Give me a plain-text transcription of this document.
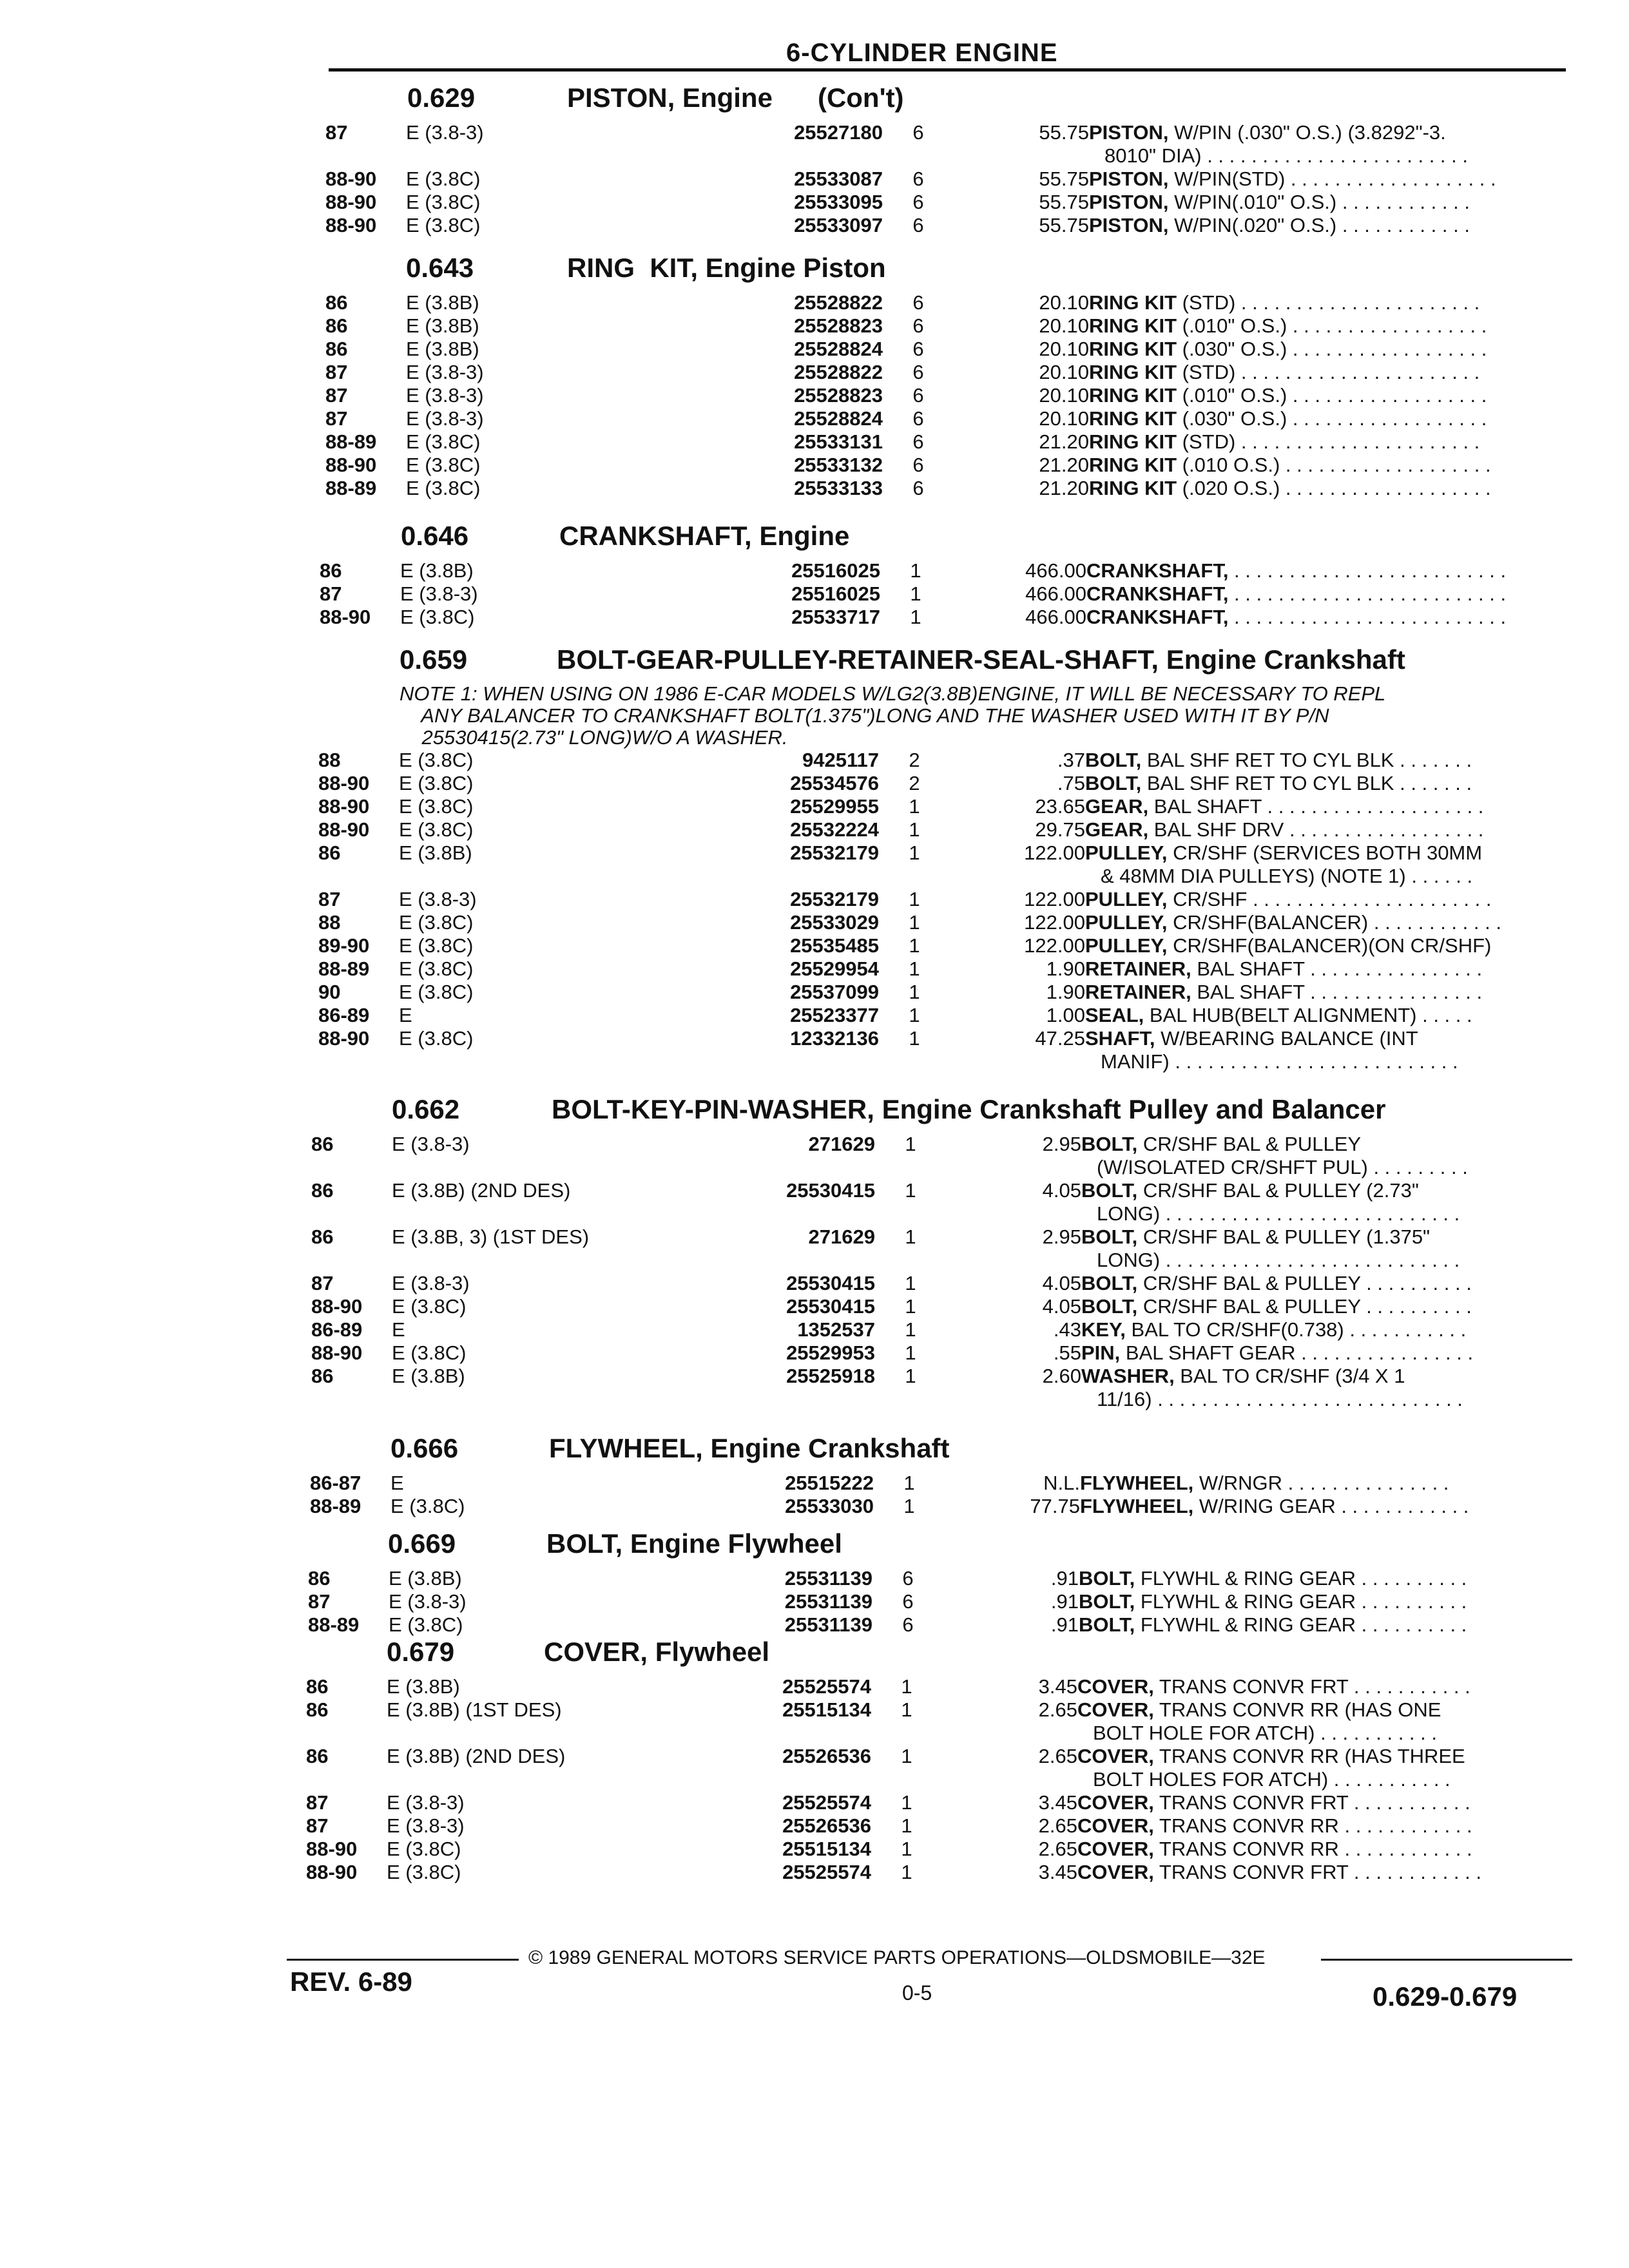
6-CYLINDER ENGINE
0.629	PISTON, Engine      (Con't)
87	E (3.8-3)	25527180 6	55.75 PISTON, W/PIN (.030" O.S.) (3.8292"-3.
8010" DIA) . . . . . . . . . . . . . . . . . . . . . . . .
88-90 E (3.8C)	25533087 6	55.75 PISTON, W/PIN(STD) . . . . . . . . . . . . . . . . . . .
88-90 E (3.8C)	25533095 6	55.75 PISTON, W/PIN(.010" O.S.) . . . . . . . . . . . .
88-90 E (3.8C)	25533097 6	55.75 PISTON, W/PIN(.020" O.S.) . . . . . . . . . . . .
0.643	RING  KIT, Engine Piston
86	E (3.8B)	25528822 6	20.10 RING KIT (STD) . . . . . . . . . . . . . . . . . . . . . .
86	E (3.8B)	25528823 6	20.10 RING KIT (.010" O.S.) . . . . . . . . . . . . . . . . . .
86	E (3.8B)	25528824 6	20.10 RING KIT (.030" O.S.) . . . . . . . . . . . . . . . . . .
87	E (3.8-3)	25528822 6	20.10 RING KIT (STD) . . . . . . . . . . . . . . . . . . . . . .
87	E (3.8-3)	25528823 6	20.10 RING KIT (.010" O.S.) . . . . . . . . . . . . . . . . . .
87	E (3.8-3)	25528824 6	20.10 RING KIT (.030" O.S.) . . . . . . . . . . . . . . . . . .
88-89 E (3.8C)	25533131 6	21.20 RING KIT (STD) . . . . . . . . . . . . . . . . . . . . . .
88-90 E (3.8C)	25533132 6	21.20 RING KIT (.010 O.S.) . . . . . . . . . . . . . . . . . . .
88-89 E (3.8C)	25533133 6	21.20 RING KIT (.020 O.S.) . . . . . . . . . . . . . . . . . . .
0.646	CRANKSHAFT, Engine
86	E (3.8B)	25516025 1	466.00 CRANKSHAFT, . . . . . . . . . . . . . . . . . . . . . . . . .
87	E (3.8-3)	25516025 1	466.00 CRANKSHAFT, . . . . . . . . . . . . . . . . . . . . . . . . .
88-90 E (3.8C)	25533717 1	466.00 CRANKSHAFT, . . . . . . . . . . . . . . . . . . . . . . . . .
0.659	BOLT-GEAR-PULLEY-RETAINER-SEAL-SHAFT, Engine Crankshaft
NOTE 1: WHEN USING ON 1986 E-CAR MODELS W/LG2(3.8B)ENGINE, IT WILL BE NECESSARY TO REPL
ANY BALANCER TO CRANKSHAFT BOLT(1.375")LONG AND THE WASHER USED WITH IT BY P/N
25530415(2.73" LONG)W/O A WASHER.
88	E (3.8C)	9425117 2	.37 BOLT, BAL SHF RET TO CYL BLK . . . . . . .
88-90 E (3.8C)	25534576 2	.75 BOLT, BAL SHF RET TO CYL BLK . . . . . . .
88-90 E (3.8C)	25529955 1	23.65 GEAR, BAL SHAFT . . . . . . . . . . . . . . . . . . . .
88-90 E (3.8C)	25532224 1	29.75 GEAR, BAL SHF DRV . . . . . . . . . . . . . . . . . .
86	E (3.8B)	25532179 1	122.00 PULLEY, CR/SHF (SERVICES BOTH 30MM
& 48MM DIA PULLEYS) (NOTE 1) . . . . . .
87	E (3.8-3)	25532179 1	122.00 PULLEY, CR/SHF . . . . . . . . . . . . . . . . . . . . . .
88	E (3.8C)	25533029 1	122.00 PULLEY, CR/SHF(BALANCER) . . . . . . . . . . . .
89-90 E (3.8C)	25535485 1	122.00 PULLEY, CR/SHF(BALANCER)(ON CR/SHF)
88-89 E (3.8C)	25529954 1	1.90 RETAINER, BAL SHAFT . . . . . . . . . . . . . . . .
90	E (3.8C)	25537099 1	1.90 RETAINER, BAL SHAFT . . . . . . . . . . . . . . . .
86-89 E	25523377 1	1.00 SEAL, BAL HUB(BELT ALIGNMENT) . . . . .
88-90 E (3.8C)	12332136 1	47.25 SHAFT, W/BEARING BALANCE (INT
MANIF) . . . . . . . . . . . . . . . . . . . . . . . . . .
0.662	BOLT-KEY-PIN-WASHER, Engine Crankshaft Pulley and Balancer
86	E (3.8-3)	271629 1	2.95 BOLT, CR/SHF BAL & PULLEY
(W/ISOLATED CR/SHFT PUL) . . . . . . . . .
86	E (3.8B) (2ND DES)	25530415 1	4.05 BOLT, CR/SHF BAL & PULLEY (2.73"
LONG) . . . . . . . . . . . . . . . . . . . . . . . . . . .
86	E (3.8B, 3) (1ST DES)	271629 1	2.95 BOLT, CR/SHF BAL & PULLEY (1.375"
LONG) . . . . . . . . . . . . . . . . . . . . . . . . . . .
87	E (3.8-3)	25530415 1	4.05 BOLT, CR/SHF BAL & PULLEY . . . . . . . . . .
88-90 E (3.8C)	25530415 1	4.05 BOLT, CR/SHF BAL & PULLEY . . . . . . . . . .
86-89 E	1352537 1	.43 KEY, BAL TO CR/SHF(0.738) . . . . . . . . . . .
88-90 E (3.8C)	25529953 1	.55 PIN, BAL SHAFT GEAR . . . . . . . . . . . . . . . .
86	E (3.8B)	25525918 1	2.60 WASHER, BAL TO CR/SHF (3/4 X 1
11/16) . . . . . . . . . . . . . . . . . . . . . . . . . . . .
0.666	FLYWHEEL, Engine Crankshaft
86-87 E	25515222 1	N.L. FLYWHEEL, W/RNGR . . . . . . . . . . . . . . .
88-89 E (3.8C)	25533030 1	77.75 FLYWHEEL, W/RING GEAR . . . . . . . . . . . .
0.669	BOLT, Engine Flywheel
86	E (3.8B)	25531139 6	.91 BOLT, FLYWHL & RING GEAR . . . . . . . . . .
87	E (3.8-3)	25531139 6	.91 BOLT, FLYWHL & RING GEAR . . . . . . . . . .
88-89 E (3.8C)	25531139 6	.91 BOLT, FLYWHL & RING GEAR . . . . . . . . . .
0.679	COVER, Flywheel
86	E (3.8B)	25525574 1	3.45 COVER, TRANS CONVR FRT . . . . . . . . . . .
86	E (3.8B) (1ST DES)	25515134 1	2.65 COVER, TRANS CONVR RR (HAS ONE
BOLT HOLE FOR ATCH) . . . . . . . . . . .
86	E (3.8B) (2ND DES)	25526536 1	2.65 COVER, TRANS CONVR RR (HAS THREE
BOLT HOLES FOR ATCH) . . . . . . . . . . .
87	E (3.8-3)	25525574 1	3.45 COVER, TRANS CONVR FRT . . . . . . . . . . .
87	E (3.8-3)	25526536 1	2.65 COVER, TRANS CONVR RR . . . . . . . . . . . .
88-90 E (3.8C)	25515134 1	2.65 COVER, TRANS CONVR RR . . . . . . . . . . . .
88-90 E (3.8C)	25525574 1	3.45 COVER, TRANS CONVR FRT . . . . . . . . . . . .
REV. 6-89
© 1989 GENERAL MOTORS SERVICE PARTS OPERATIONS—OLDSMOBILE—32E
0-5	0.629-0.679
